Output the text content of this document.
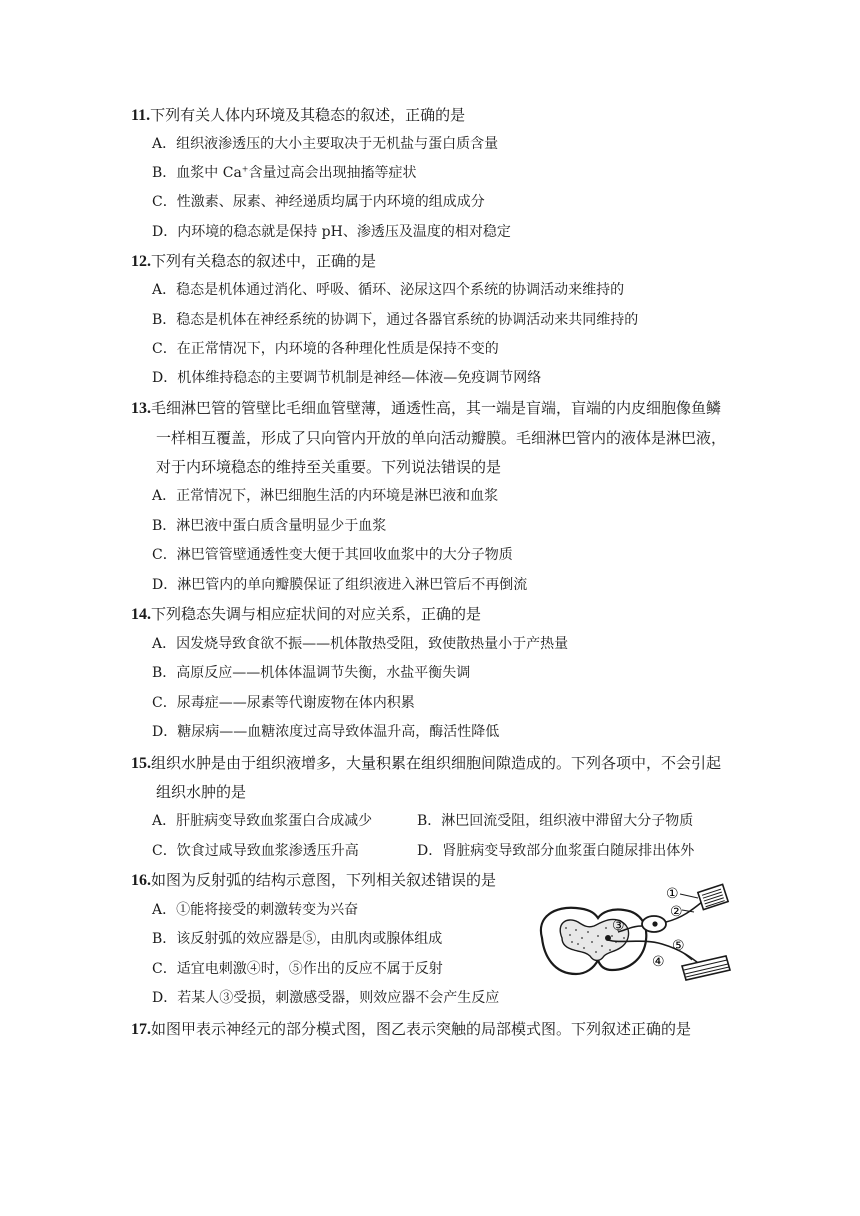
11.下列有关人体内环境及其稳态的叙述，正确的是
A．组织液渗透压的大小主要取决于无机盐与蛋白质含量
B．血浆中 Ca+含量过高会出现抽搐等症状
C．性激素、尿素、神经递质均属于内环境的组成成分
D．内环境的稳态就是保持 pH、渗透压及温度的相对稳定
12.下列有关稳态的叙述中，正确的是
A．稳态是机体通过消化、呼吸、循环、泌尿这四个系统的协调活动来维持的
B．稳态是机体在神经系统的协调下，通过各器官系统的协调活动来共同维持的
C．在正常情况下，内环境的各种理化性质是保持不变的
D．机体维持稳态的主要调节机制是神经—体液—免疫调节网络
13.毛细淋巴管的管壁比毛细血管壁薄，通透性高，其一端是盲端，盲端的内皮细胞像鱼鳞
一样相互覆盖，形成了只向管内开放的单向活动瓣膜。毛细淋巴管内的液体是淋巴液，
对于内环境稳态的维持至关重要。下列说法错误的是
A．正常情况下，淋巴细胞生活的内环境是淋巴液和血浆
B．淋巴液中蛋白质含量明显少于血浆
C．淋巴管管壁通透性变大便于其回收血浆中的大分子物质
D．淋巴管内的单向瓣膜保证了组织液进入淋巴管后不再倒流
14.下列稳态失调与相应症状间的对应关系，正确的是
A．因发烧导致食欲不振——机体散热受阻，致使散热量小于产热量
B．高原反应——机体体温调节失衡，水盐平衡失调
C．尿毒症——尿素等代谢废物在体内积累
D．糖尿病——血糖浓度过高导致体温升高，酶活性降低
15.组织水肿是由于组织液增多，大量积累在组织细胞间隙造成的。下列各项中，不会引起
组织水肿的是
A．肝脏病变导致血浆蛋白合成减少	B．淋巴回流受阻，组织液中滞留大分子物质
C．饮食过咸导致血浆渗透压升高	D．肾脏病变导致部分血浆蛋白随尿排出体外
16.如图为反射弧的结构示意图，下列相关叙述错误的是
A．①能将接受的刺激转变为兴奋
B．该反射弧的效应器是⑤，由肌肉或腺体组成
C．适宜电刺激④时，⑤作出的反应不属于反射
D．若某人③受损，刺激感受器，则效应器不会产生反应
①
②
③
④
⑤
17.如图甲表示神经元的部分模式图，图乙表示突触的局部模式图。下列叙述正确的是
